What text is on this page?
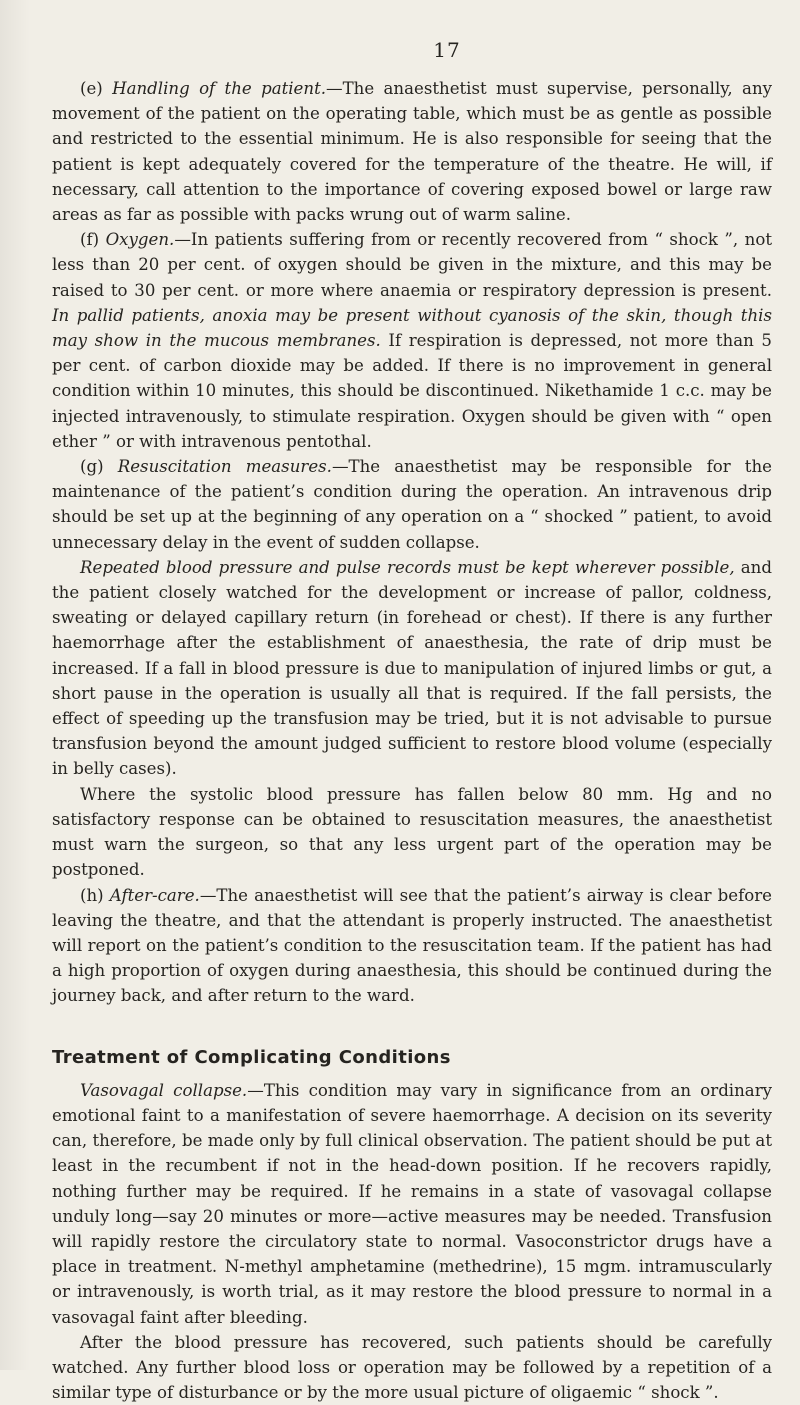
17

(e) Handling of the patient.—The anaesthetist must supervise, personally, any movement of the patient on the operating table, which must be as gentle as possible and restricted to the essential minimum. He is also responsible for seeing that the patient is kept adequately covered for the temperature of the theatre. He will, if necessary, call attention to the importance of covering exposed bowel or large raw areas as far as possible with packs wrung out of warm saline.

(f) Oxygen.—In patients suffering from or recently recovered from “ shock ”, not less than 20 per cent. of oxygen should be given in the mixture, and this may be raised to 30 per cent. or more where anaemia or respiratory depression is present. In pallid patients, anoxia may be present without cyanosis of the skin, though this may show in the mucous membranes. If respiration is depressed, not more than 5 per cent. of carbon dioxide may be added. If there is no improvement in general condition within 10 minutes, this should be discontinued. Nikethamide 1 c.c. may be injected intravenously, to stimulate respiration. Oxygen should be given with “ open ether ” or with intravenous pentothal.

(g) Resuscitation measures.—The anaesthetist may be responsible for the maintenance of the patient’s condition during the operation. An intravenous drip should be set up at the beginning of any operation on a “ shocked ” patient, to avoid unnecessary delay in the event of sudden collapse.

Repeated blood pressure and pulse records must be kept wherever possible, and the patient closely watched for the development or increase of pallor, coldness, sweating or delayed capillary return (in forehead or chest). If there is any further haemorrhage after the establishment of anaesthesia, the rate of drip must be increased. If a fall in blood pressure is due to manipulation of injured limbs or gut, a short pause in the operation is usually all that is required. If the fall persists, the effect of speeding up the transfusion may be tried, but it is not advisable to pursue transfusion beyond the amount judged sufficient to restore blood volume (especially in belly cases).

Where the systolic blood pressure has fallen below 80 mm. Hg and no satisfactory response can be obtained to resuscitation measures, the anaesthetist must warn the surgeon, so that any less urgent part of the operation may be postponed.

(h) After-care.—The anaesthetist will see that the patient’s airway is clear before leaving the theatre, and that the attendant is properly instructed. The anaesthetist will report on the patient’s condition to the resuscitation team. If the patient has had a high proportion of oxygen during anaesthesia, this should be continued during the journey back, and after return to the ward.

Treatment of Complicating Conditions

Vasovagal collapse.—This condition may vary in significance from an ordinary emotional faint to a manifestation of severe haemorrhage. A decision on its severity can, therefore, be made only by full clinical observation. The patient should be put at least in the recumbent if not in the head-down position. If he recovers rapidly, nothing further may be required. If he remains in a state of vasovagal collapse unduly long—say 20 minutes or more—active measures may be needed. Transfusion will rapidly restore the circulatory state to normal. Vasoconstrictor drugs have a place in treatment. N-methyl amphetamine (methedrine), 15 mgm. intramuscularly or intravenously, is worth trial, as it may restore the blood pressure to normal in a vasovagal faint after bleeding.

After the blood pressure has recovered, such patients should be carefully watched. Any further blood loss or operation may be followed by a repetition of a similar type of disturbance or by the more usual picture of oligaemic “ shock ”.
